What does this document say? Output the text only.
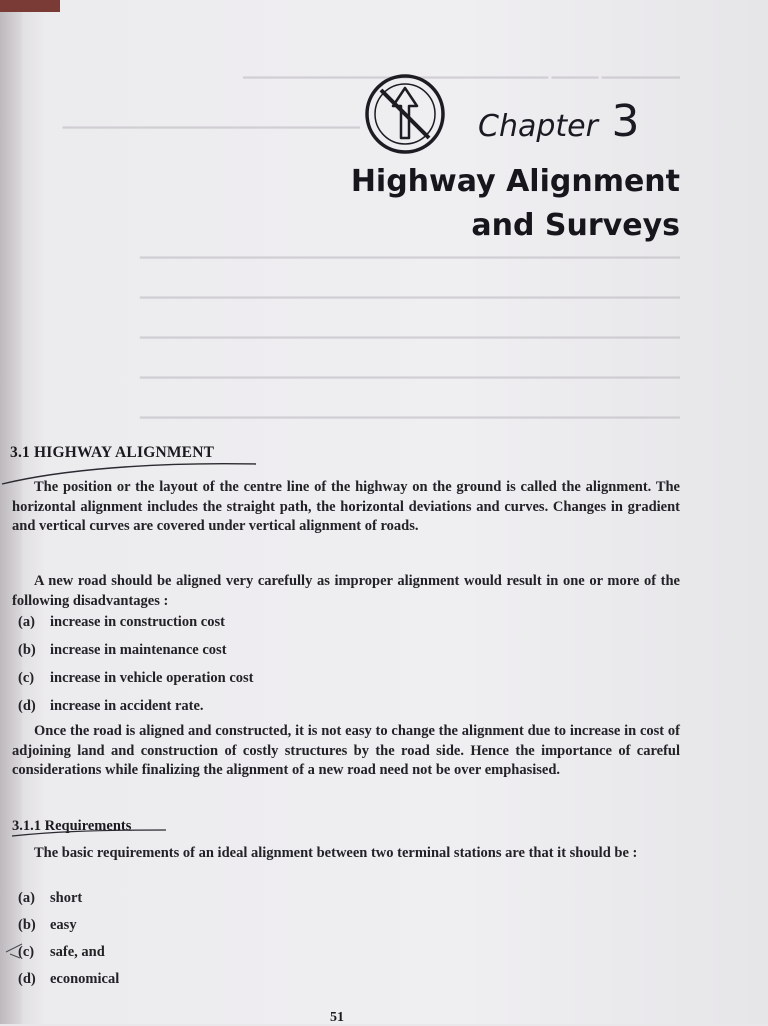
━━━━━━━━━━ ━━━━━━ ━━━━━━━━━━━━━━━━━━━━━━━━━━━━━━━━━━━━━━━
━━━━━━━━━━━━━━━━━━━━━━━━━━━━━━━━━━━━━━
━━━━━━━━━━━━━━━━━━━━━━━━━━━━━━━━━━━━━━━━━━━━━━━━━━━━━━━━━━━━━━━━━━━━━
━━━━━━━━━━━━━━━━━━━━━━━━━━━━━━━━━━━━━━━━━━━━━━━━━━━━━━━━━━━━━━━━━━━━━
━━━━━━━━━━━━━━━━━━━━━━━━━━━━━━━━━━━━━━━━━━━━━━━━━━━━━━━━━━━━━━━━━━━━━
━━━━━━━━━━━━━━━━━━━━━━━━━━━━━━━━━━━━━━━━━━━━━━━━━━━━━━━━━━━━━━━━━━━━━
━━━━━━━━━━━━━━━━━━━━━━━━━━━━━━━━━━━━━━━━━━━━━━━━━━━━━━━━━━━━━━━━━━━━━
Chapter 3
Highway Alignment
and Surveys
3.1 HIGHWAY ALIGNMENT
The position or the layout of the centre line of the highway on the ground is called the alignment. The horizontal alignment includes the straight path, the horizontal deviations and curves. Changes in gradient and vertical curves are covered under vertical alignment of roads.
A new road should be aligned very carefully as improper alignment would result in one or more of the following disadvantages :
(a) increase in construction cost
(b) increase in maintenance cost
(c) increase in vehicle operation cost
(d) increase in accident rate.
Once the road is aligned and constructed, it is not easy to change the alignment due to increase in cost of adjoining land and construction of costly structures by the road side. Hence the importance of careful considerations while finalizing the alignment of a new road need not be over emphasised.
3.1.1 Requirements
The basic requirements of an ideal alignment between two terminal stations are that it should be :
(a) short
(b) easy
(c) safe, and
(d) economical
51
